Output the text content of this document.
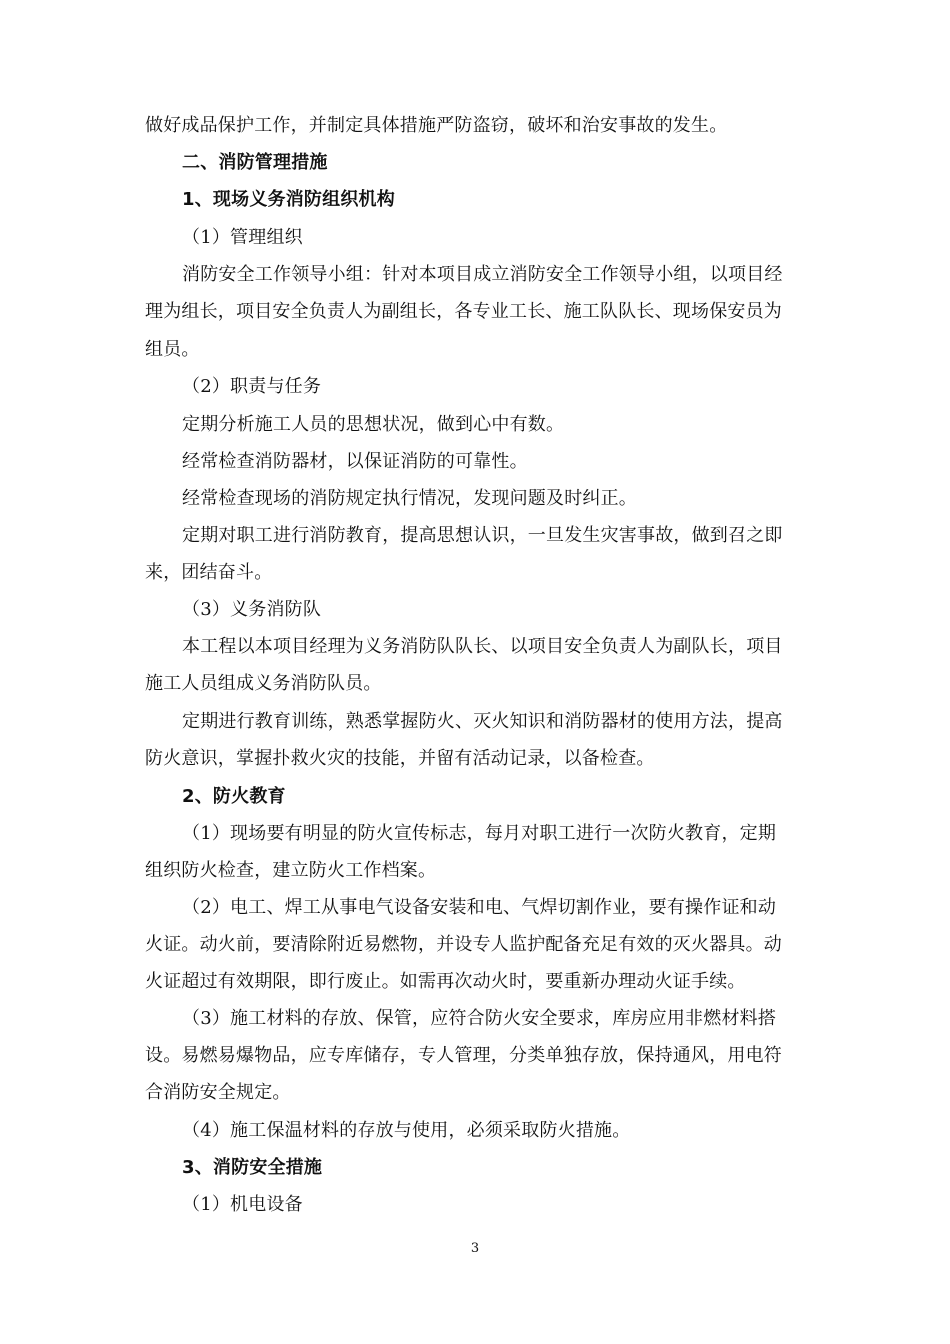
做好成品保护工作，并制定具体措施严防盗窃，破坏和治安事故的发生。
二、消防管理措施
1、现场义务消防组织机构
（1）管理组织
消防安全工作领导小组：针对本项目成立消防安全工作领导小组，以项目经
理为组长，项目安全负责人为副组长，各专业工长、施工队队长、现场保安员为
组员。
（2）职责与任务
定期分析施工人员的思想状况，做到心中有数。
经常检查消防器材，以保证消防的可靠性。
经常检查现场的消防规定执行情况，发现问题及时纠正。
定期对职工进行消防教育，提高思想认识，一旦发生灾害事故，做到召之即
来，团结奋斗。
（3）义务消防队
本工程以本项目经理为义务消防队队长、以项目安全负责人为副队长，项目
施工人员组成义务消防队员。
定期进行教育训练，熟悉掌握防火、灭火知识和消防器材的使用方法，提高
防火意识，掌握扑救火灾的技能，并留有活动记录，以备检查。
2、防火教育
（1）现场要有明显的防火宣传标志，每月对职工进行一次防火教育，定期
组织防火检查，建立防火工作档案。
（2）电工、焊工从事电气设备安装和电、气焊切割作业，要有操作证和动
火证。动火前，要清除附近易燃物，并设专人监护配备充足有效的灭火器具。动
火证超过有效期限，即行废止。如需再次动火时，要重新办理动火证手续。
（3）施工材料的存放、保管，应符合防火安全要求，库房应用非燃材料搭
设。易燃易爆物品，应专库储存，专人管理，分类单独存放，保持通风，用电符
合消防安全规定。
（4）施工保温材料的存放与使用，必须采取防火措施。
3、消防安全措施
（1）机电设备
3
